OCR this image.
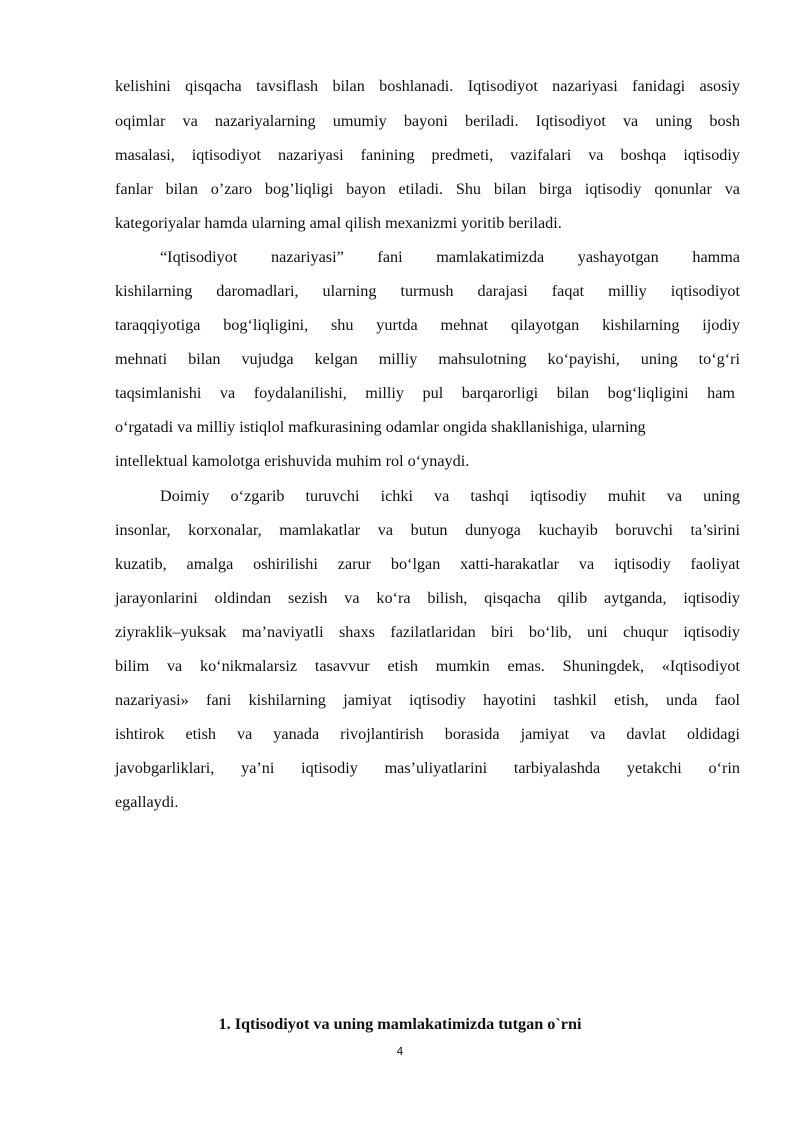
kelishini qisqacha tavsiflash bilan boshlanadi. Iqtisodiyot nazariyasi fanidagi asosiy
oqimlar va nazariyalarning umumiy bayoni beriladi. Iqtisodiyot va uning bosh
masalasi, iqtisodiyot nazariyasi fanining predmeti, vazifalari va boshqa iqtisodiy
fanlar bilan o’zaro bog’liqligi bayon etiladi. Shu bilan birga iqtisodiy qonunlar va
kategoriyalar hamda ularning amal qilish mexanizmi yoritib beriladi.
“Iqtisodiyot nazariyasi” fani mamlakatimizda yashayotgan hamma
kishilarning daromadlari, ularning turmush darajasi faqat milliy iqtisodiyot
taraqqiyotiga bog‘liqligini, shu yurtda mehnat qilayotgan kishilarning ijodiy
mehnati bilan vujudga kelgan milliy mahsulotning ko‘payishi, uning to‘g‘ri
taqsimlanishi va foydalanilishi, milliy pul barqarorligi bilan bog‘liqligini ham
o‘rgatadi va milliy istiqlol mafkurasining odamlar ongida shakllanishiga, ularning
intellektual kamolotga erishuvida muhim rol o‘ynaydi.
Doimiy o‘zgarib turuvchi ichki va tashqi iqtisodiy muhit va uning
insonlar, korxonalar, mamlakatlar va butun dunyoga kuchayib boruvchi ta’sirini
kuzatib, amalga oshirilishi zarur bo‘lgan xatti-harakatlar va iqtisodiy faoliyat
jarayonlarini oldindan sezish va ko‘ra bilish, qisqacha qilib aytganda, iqtisodiy
ziyraklik–yuksak ma’naviyatli shaxs fazilatlaridan biri bo‘lib, uni chuqur iqtisodiy
bilim va ko‘nikmalarsiz tasavvur etish mumkin emas. Shuningdek, «Iqtisodiyot
nazariyasi» fani kishilarning jamiyat iqtisodiy hayotini tashkil etish, unda faol
ishtirok etish va yanada rivojlantirish borasida jamiyat va davlat oldidagi
javobgarliklari, ya’ni iqtisodiy mas’uliyatlarini tarbiyalashda yetakchi o‘rin
egallaydi.
1. Iqtisodiyot va uning mamlakatimizda tutgan o`rni
4
